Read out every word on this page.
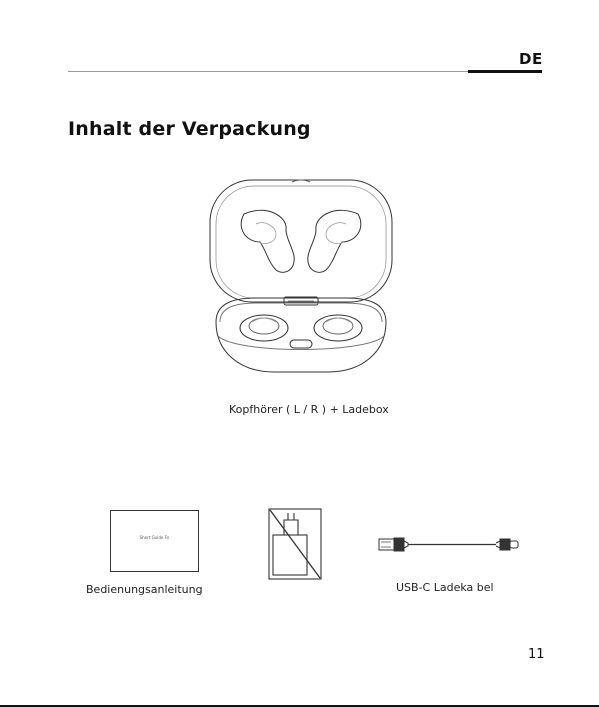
DE
Inhalt der Verpackung
Kopfhörer ( L / R ) + Ladebox
Short Guide Fn
Bedienungsanleitung	USB-C Ladeka bel
11
